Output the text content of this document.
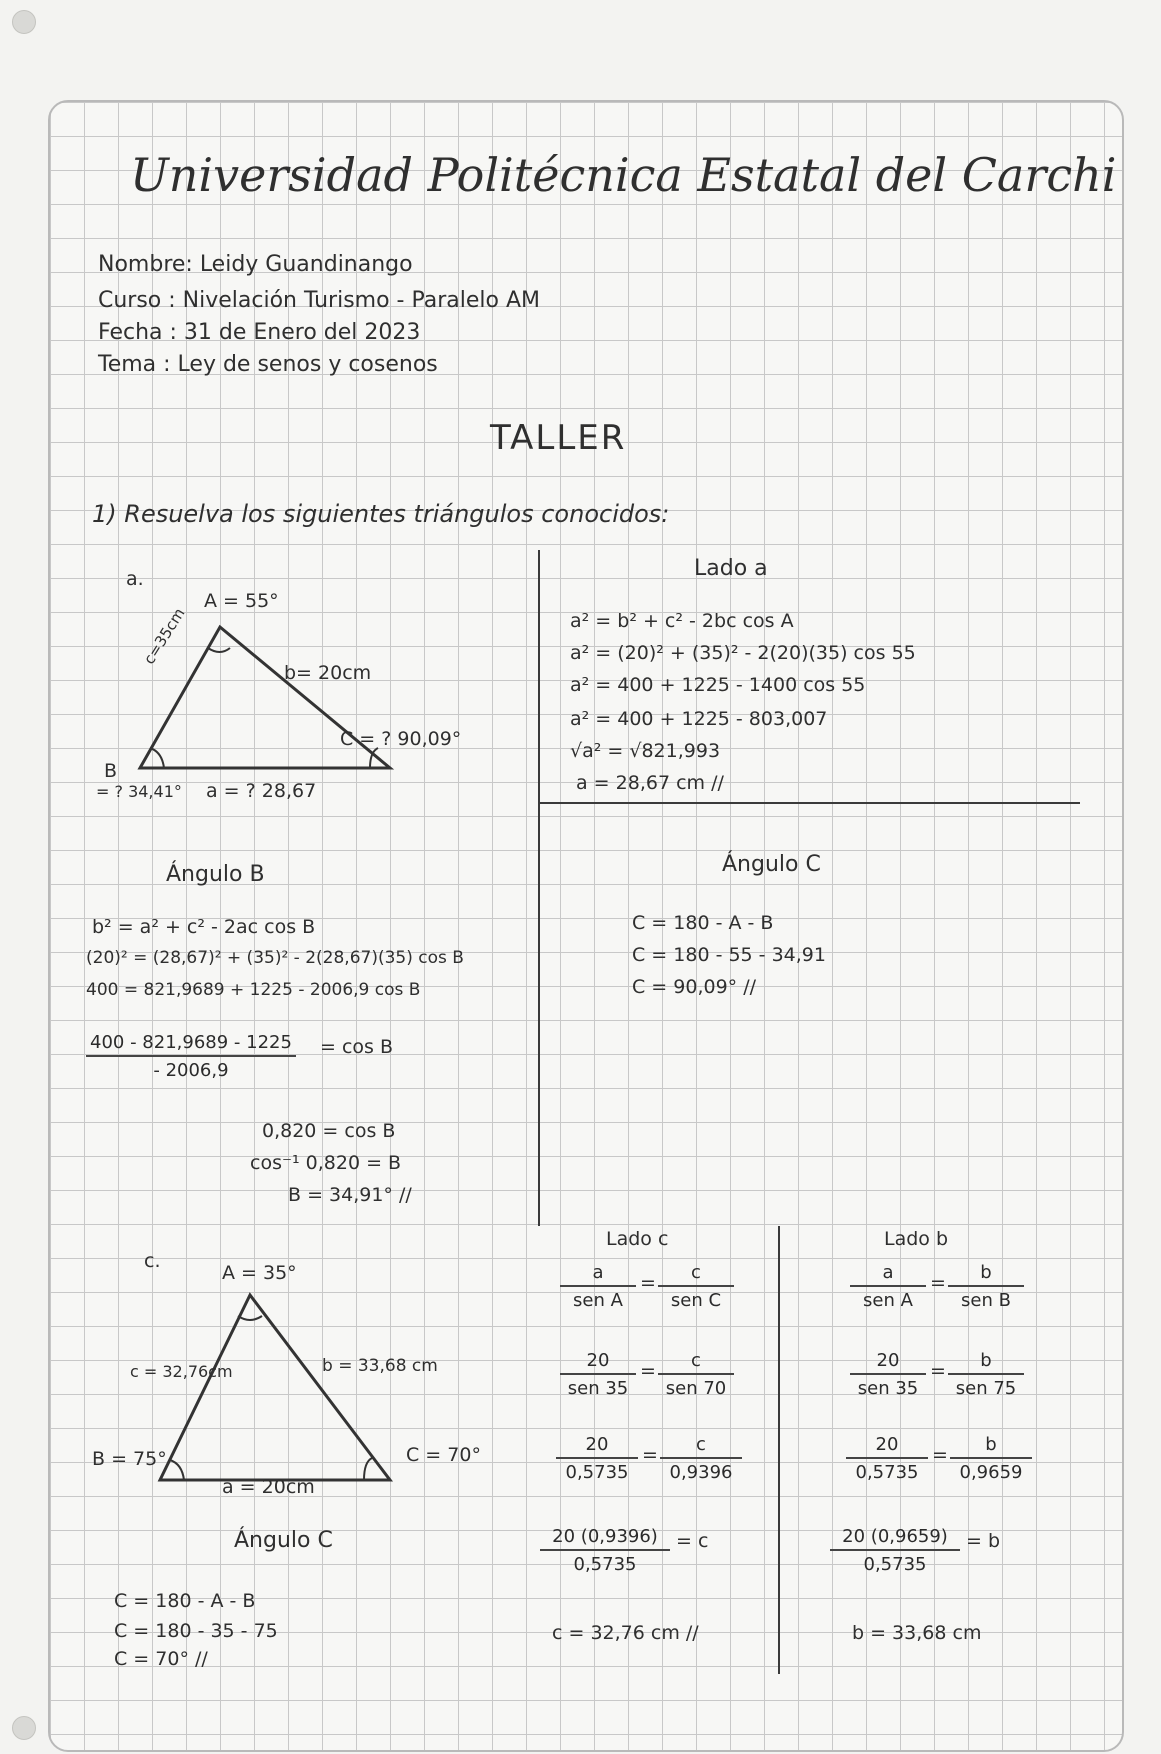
Universidad Politécnica Estatal del Carchi
Nombre: Leidy Guandinango
Curso : Nivelación Turismo - Paralelo AM
Fecha : 31 de Enero del 2023
Tema : Ley de senos y cosenos
TALLER
1) Resuelva los siguientes triángulos conocidos:
a.
A = 55°
c=35cm
b= 20cm
B
= ? 34,41° a = ? 28,67
C = ? 90,09°
Lado a
a² = b² + c² - 2bc cos A
a² = (20)² + (35)² - 2(20)(35) cos 55
a² = 400 + 1225 - 1400 cos 55
a² = 400 + 1225 - 803,007
√a² = √821,993
a = 28,67 cm //
Ángulo B
b² = a² + c² - 2ac cos B
(20)² = (28,67)² + (35)² - 2(28,67)(35) cos B
400 = 821,9689 + 1225 - 2006,9 cos B
$\frac{400 - 821,9689 - 1225}{- 2006,9} = \cos B$
0,820 = cos B
cos⁻¹ 0,820 = B
B = 34,91° //
Ángulo C
C = 180 - A - B
C = 180 - 55 - 34,91
C = 90,09° //
c.
A = 35°
c = 32,76cm	b = 33,68 cm
B = 75°	C = 70°
a = 20cm
Ángulo C
C = 180 - A - B
C = 180 - 35 - 75
C = 70° //
Lado c
a
sen A
=	c
sen C
20
sen 35
=	c
sen 70
$\frac{20}{0,5735} = \frac{c}{0,9396}$
$\frac{20 (0,9396)}{0,5735} = c$
c = 32,76 cm //
Lado b
a
sen A
=	b
sen B
20
sen 35
=	b
sen 75
$\frac{20}{0,5735} = \frac{b}{0,9659}$
$\frac{20 (0,9659)}{0,5735} = b$
b = 33,68 cm
